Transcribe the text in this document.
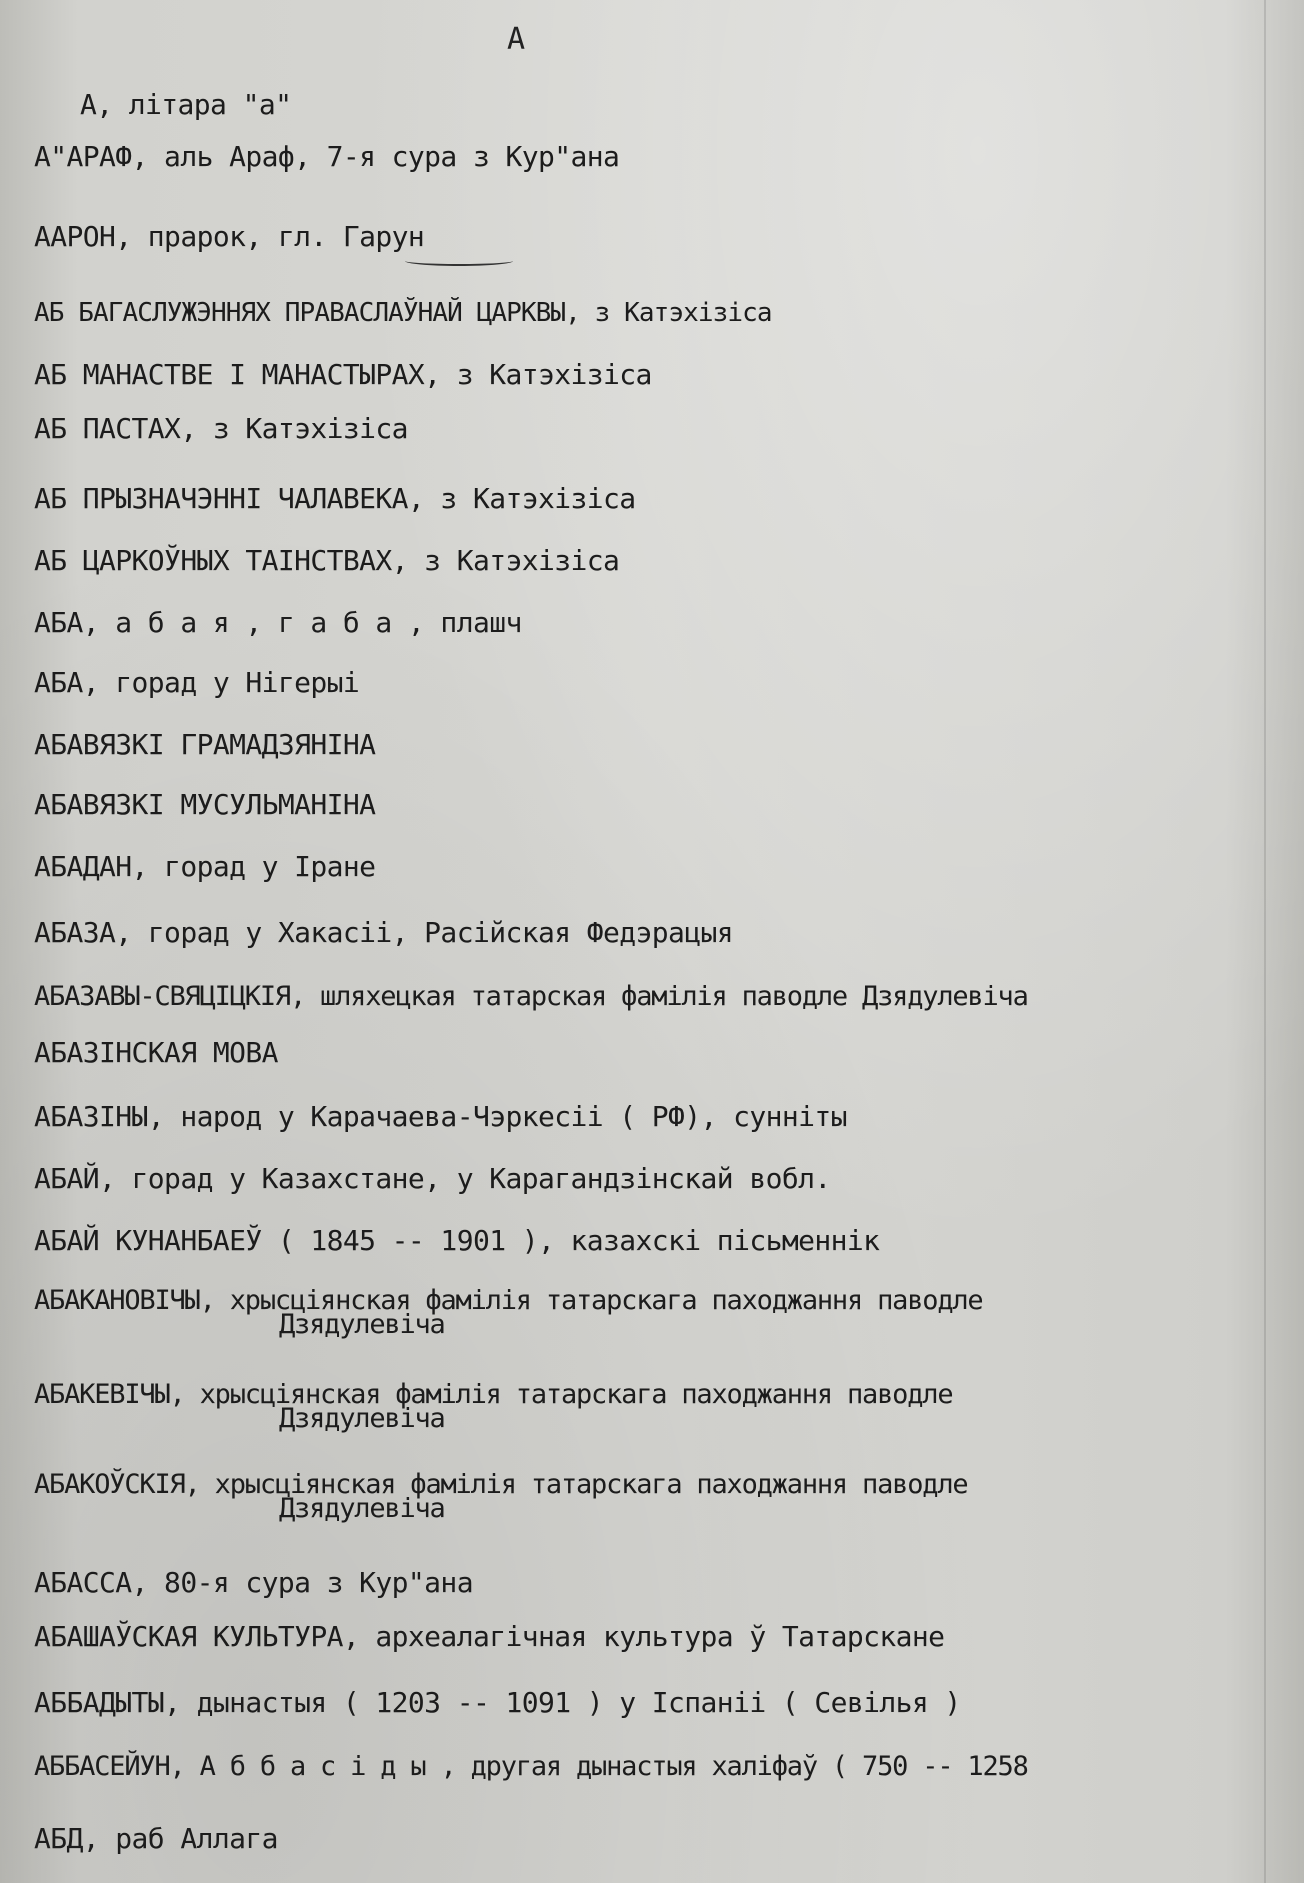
А
А, літара "а"
А"АРАФ, аль Араф, 7-я сура з Кур"ана
ААРОН, прарок, гл. Гарун
АБ БАГАСЛУЖЭННЯХ ПРАВАСЛАЎНАЙ ЦАРКВЫ, з Катэхізіса
АБ МАНАСТВЕ І МАНАСТЫРАХ, з Катэхізіса
АБ ПАСТАХ, з Катэхізіса
АБ ПРЫЗНАЧЭННІ ЧАЛАВЕКА, з Катэхізіса
АБ ЦАРКОЎНЫХ ТАІНСТВАХ, з Катэхізіса
АБА, а б а я , г а б а , плашч
АБА, горад у Нігерыі
АБАВЯЗКІ ГРАМАДЗЯНІНА
АБАВЯЗКІ МУСУЛЬМАНІНА
АБАДАН, горад у Іране
АБАЗА, горад у Хакасіі, Расійская Федэрацыя
АБАЗАВЫ-СВЯЦІЦКІЯ, шляхецкая татарская фамілія паводле Дзядулевіча
АБАЗІНСКАЯ МОВА
АБАЗІНЫ, народ у Карачаева-Чэркесіі ( РФ), сунніты
АБАЙ, горад у Казахстане, у Карагандзінскай вобл.
АБАЙ КУНАНБАЕЎ ( 1845 -- 1901 ), казахскі пісьменнік
АБАКАНОВІЧЫ, хрысціянская фамілія татарскага паходжання паводле
Дзядулевіча
АБАКЕВІЧЫ, хрысціянская фамілія татарскага паходжання паводле
Дзядулевіча
АБАКОЎСКІЯ, хрысціянская фамілія татарскага паходжання паводле
Дзядулевіча
АБАССА, 80-я сура з Кур"ана
АБАШАЎСКАЯ КУЛЬТУРА, археалагічная культура ў Татарскане
АББАДЫТЫ, дынастыя ( 1203 -- 1091 ) у Іспаніі ( Севілья )
АББАСЕЙУН, А б б а с і д ы , другая дынастыя халіфаў ( 750 -- 1258
АБД, раб Аллага
